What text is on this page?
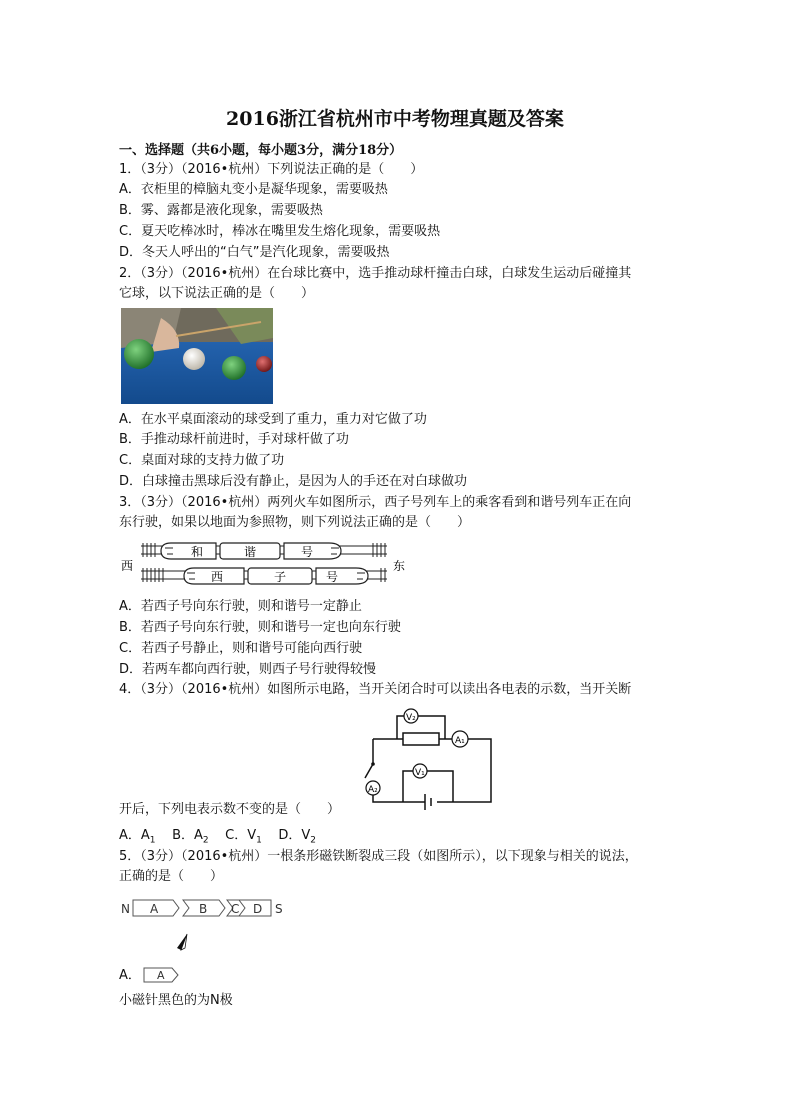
2016浙江省杭州市中考物理真题及答案
一、选择题（共6小题，每小题3分，满分18分）
1．（3分）（2016•杭州）下列说法正确的是（　　）
A．衣柜里的樟脑丸变小是凝华现象，需要吸热
B．雾、露都是液化现象，需要吸热
C．夏天吃棒冰时，棒冰在嘴里发生熔化现象，需要吸热
D．冬天人呼出的“白气”是汽化现象，需要吸热
2．（3分）（2016•杭州）在台球比赛中，选手推动球杆撞击白球，白球发生运动后碰撞其
它球，以下说法正确的是（　　）
A．在水平桌面滚动的球受到了重力，重力对它做了功
B．手推动球杆前进时，手对球杆做了功
C．桌面对球的支持力做了功
D．白球撞击黑球后没有静止，是因为人的手还在对白球做功
3．（3分）（2016•杭州）两列火车如图所示，西子号列车上的乘客看到和谐号列车正在向
东行驶，如果以地面为参照物，则下列说法正确的是（　　）
和	谐	号
西	子	号
西	东
A．若西子号向东行驶，则和谐号一定静止
B．若西子号向东行驶，则和谐号一定也向东行驶
C．若西子号静止，则和谐号可能向西行驶
D．若两车都向西行驶，则西子号行驶得较慢
4．（3分）（2016•杭州）如图所示电路，当开关闭合时可以读出各电表的示数，当开关断
V₂
A₁
V₁
A₂
开后，下列电表示数不变的是（　　）
A．$A_1$ B．$A_2$ C．$V_1$ D．$V_2$
5．（3分）（2016•杭州）一根条形磁铁断裂成三段（如图所示），以下现象与相关的说法，
正确的是（　　）
N	S
A	B C D
A． A
小磁针黑色的为N极
